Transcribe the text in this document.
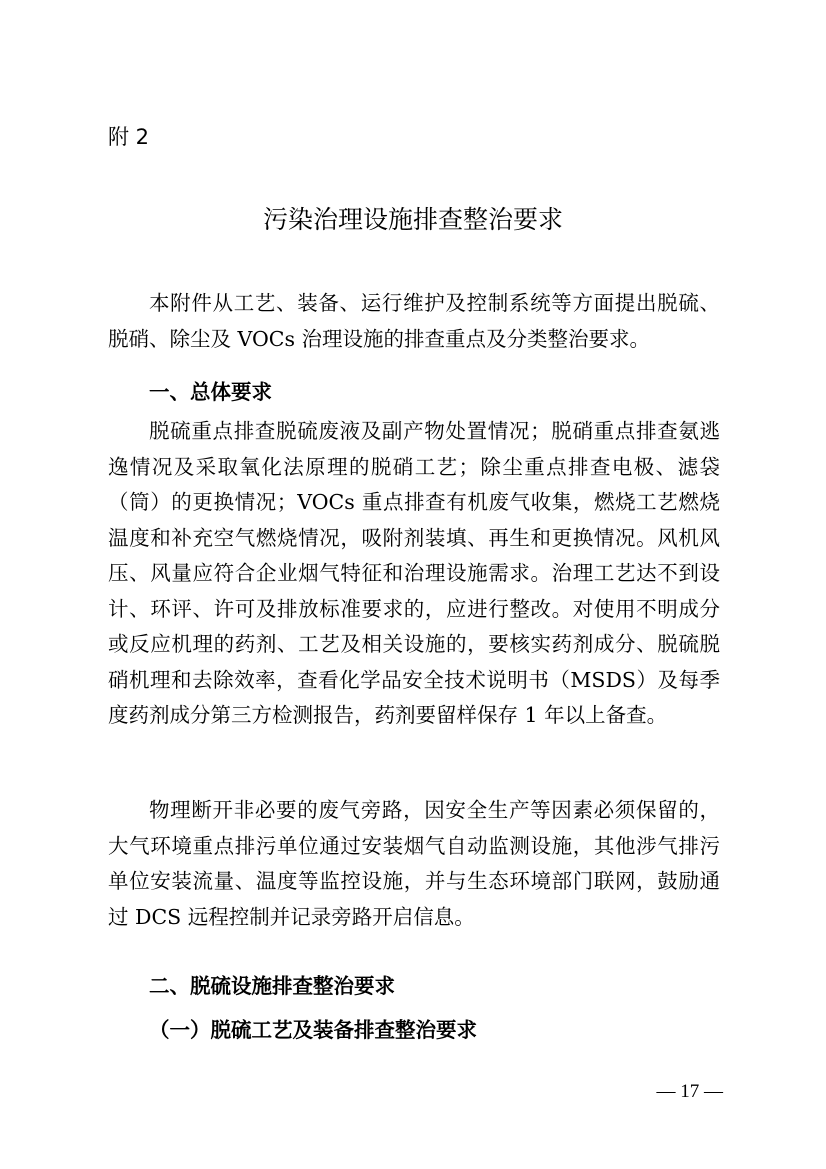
附 2
污染治理设施排查整治要求

本附件从工艺、装备、运行维护及控制系统等方面提出脱硫、脱硝、除尘及 VOCs 治理设施的排查重点及分类整治要求。

一、总体要求

脱硫重点排查脱硫废液及副产物处置情况；脱硝重点排查氨逃逸情况及采取氧化法原理的脱硝工艺；除尘重点排查电极、滤袋（筒）的更换情况；VOCs 重点排查有机废气收集，燃烧工艺燃烧温度和补充空气燃烧情况，吸附剂装填、再生和更换情况。风机风压、风量应符合企业烟气特征和治理设施需求。治理工艺达不到设计、环评、许可及排放标准要求的，应进行整改。对使用不明成分或反应机理的药剂、工艺及相关设施的，要核实药剂成分、脱硫脱硝机理和去除效率，查看化学品安全技术说明书（MSDS）及每季度药剂成分第三方检测报告，药剂要留样保存 1 年以上备查。

物理断开非必要的废气旁路，因安全生产等因素必须保留的，大气环境重点排污单位通过安装烟气自动监测设施，其他涉气排污单位安装流量、温度等监控设施，并与生态环境部门联网，鼓励通过 DCS 远程控制并记录旁路开启信息。

二、脱硫设施排查整治要求
（一）脱硫工艺及装备排查整治要求
— 17 —
